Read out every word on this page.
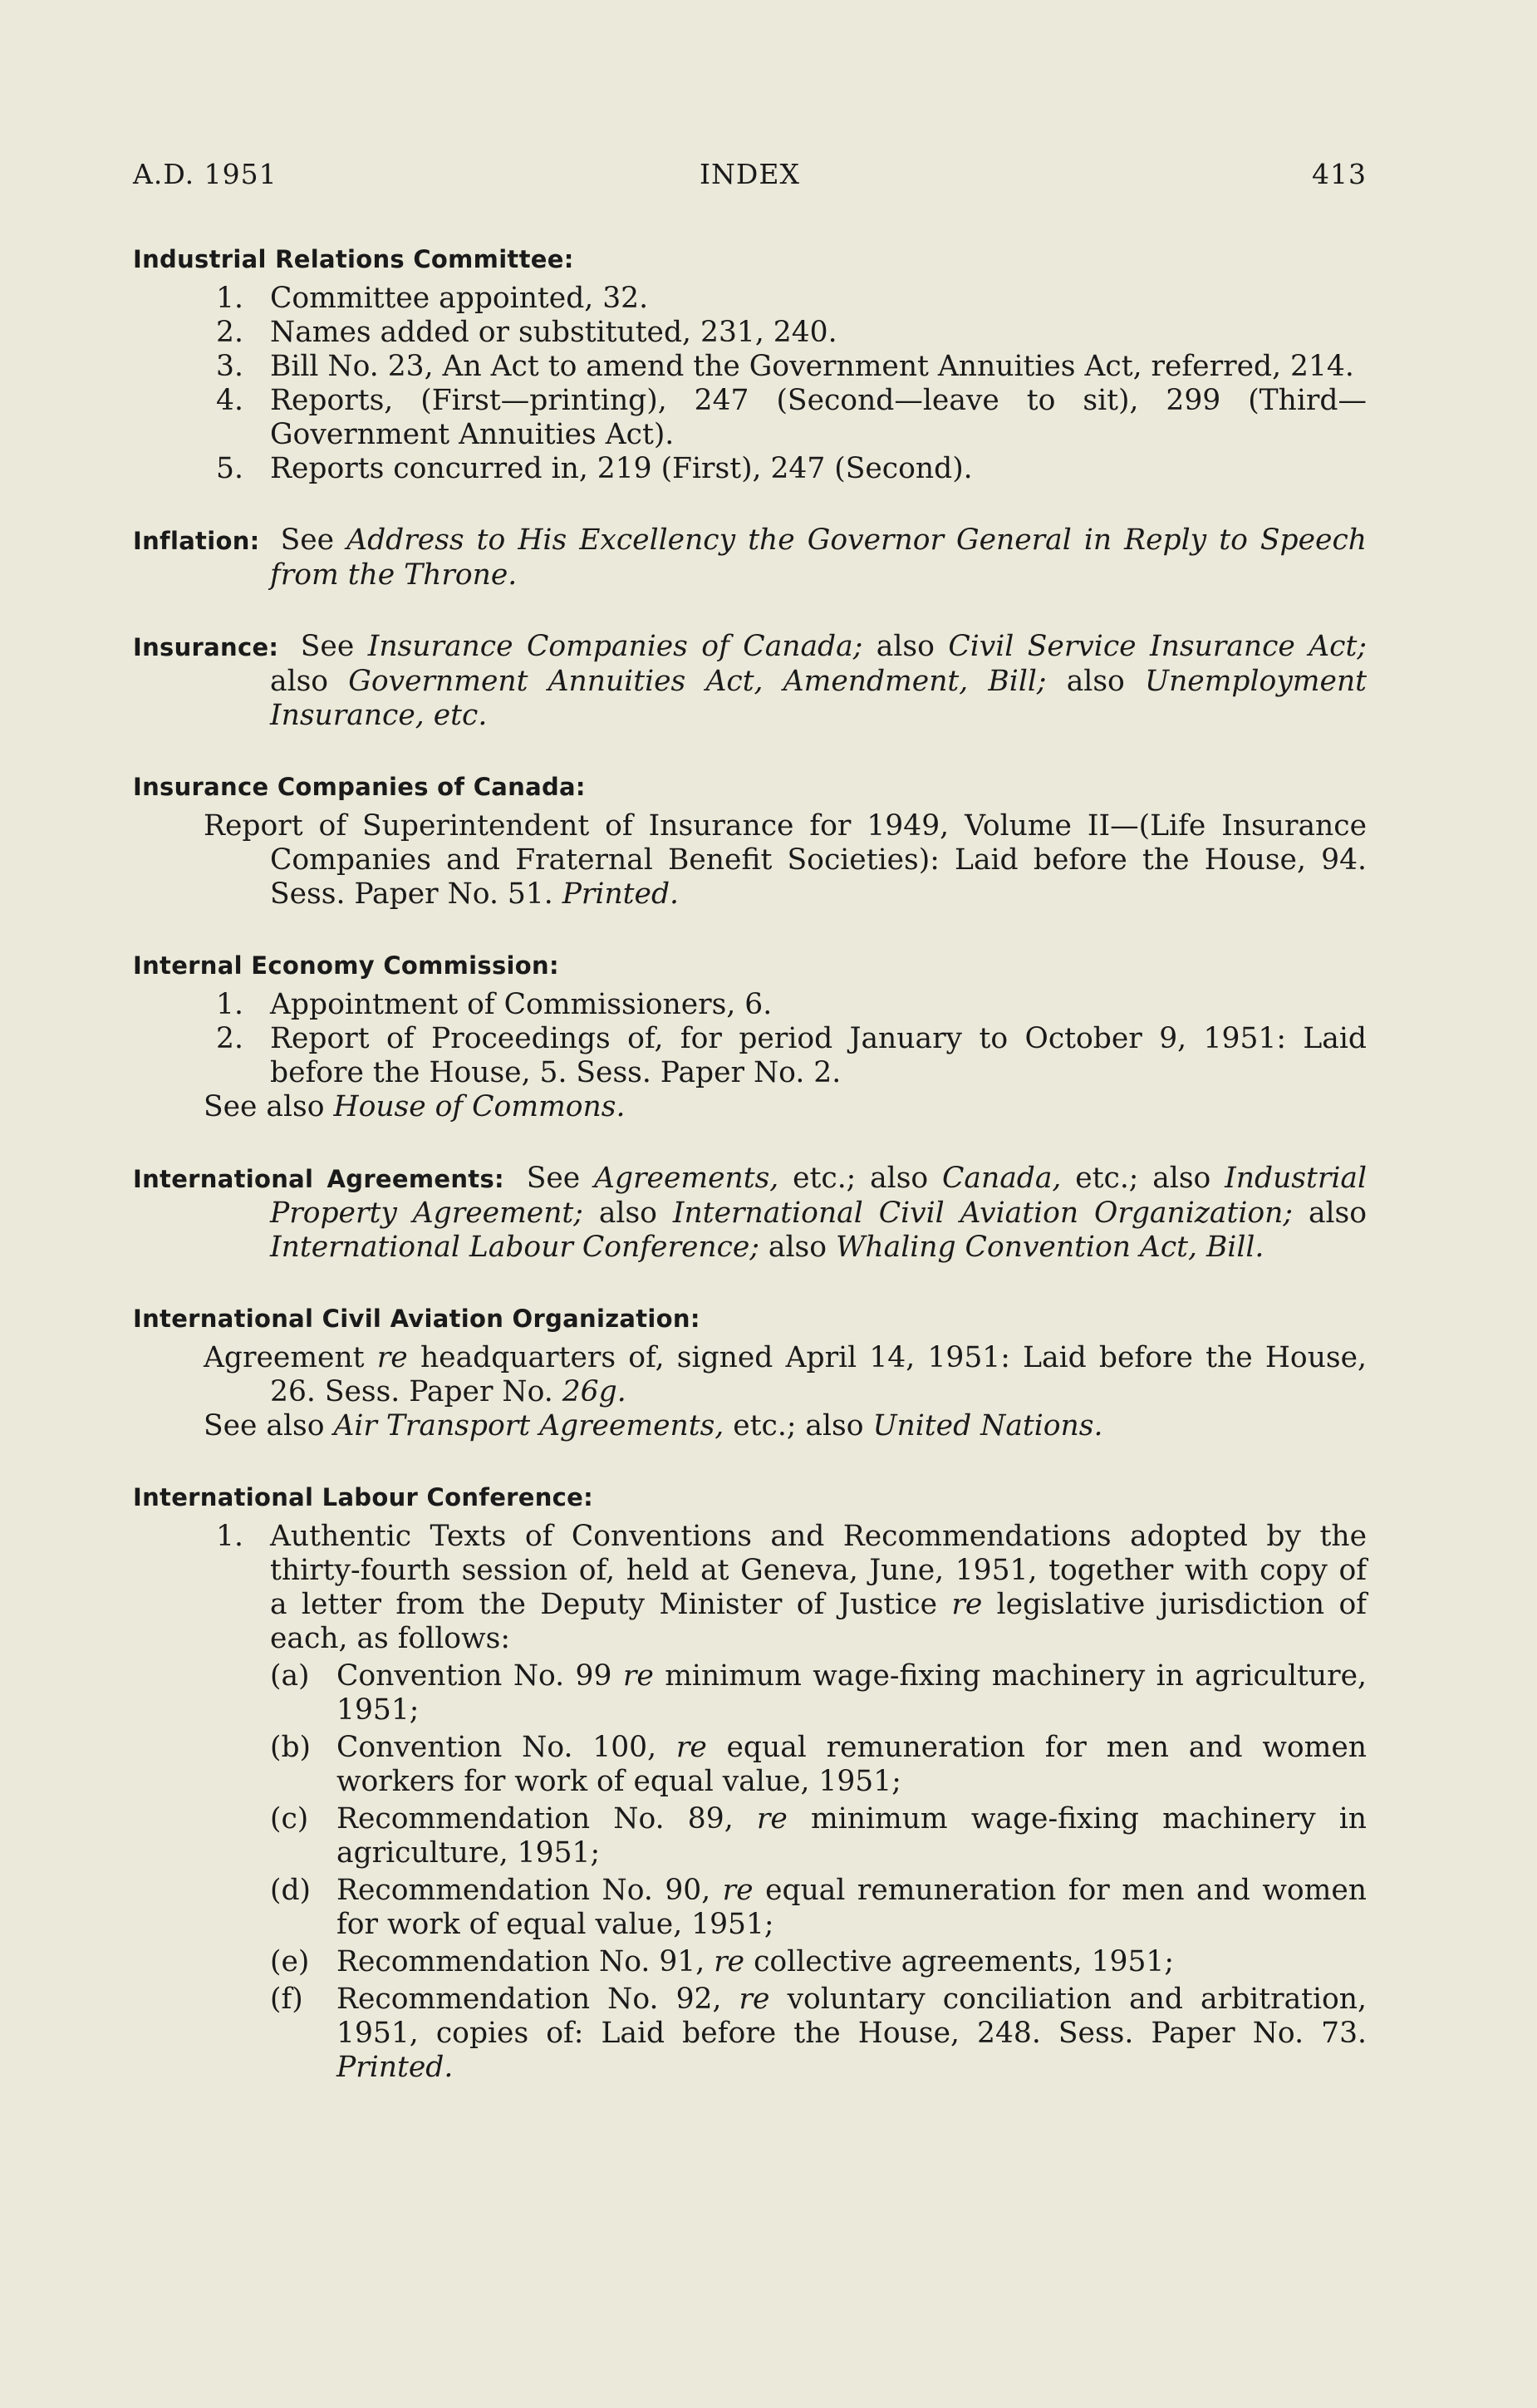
A.D. 1951	INDEX	413
Industrial Relations Committee:
1. Committee appointed, 32.
2. Names added or substituted, 231, 240.
3. Bill No. 23, An Act to amend the Government Annuities Act, referred, 214.
4. Reports, (First—printing), 247 (Second—leave to sit), 299 (Third—Government Annuities Act).
5. Reports concurred in, 219 (First), 247 (Second).
Inflation: See Address to His Excellency the Governor General in Reply to Speech from the Throne.
Insurance: See Insurance Companies of Canada; also Civil Service Insurance Act; also Government Annuities Act, Amendment, Bill; also Unemployment Insurance, etc.
Insurance Companies of Canada:
Report of Superintendent of Insurance for 1949, Volume II—(Life Insurance Companies and Fraternal Benefit Societies): Laid before the House, 94. Sess. Paper No. 51. Printed.
Internal Economy Commission:
1. Appointment of Commissioners, 6.
2. Report of Proceedings of, for period January to October 9, 1951: Laid before the House, 5. Sess. Paper No. 2.
See also House of Commons.
International Agreements: See Agreements, etc.; also Canada, etc.; also Industrial Property Agreement; also International Civil Aviation Organization; also International Labour Conference; also Whaling Convention Act, Bill.
International Civil Aviation Organization:
Agreement re headquarters of, signed April 14, 1951: Laid before the House, 26. Sess. Paper No. 26g.
See also Air Transport Agreements, etc.; also United Nations.
International Labour Conference:
1. Authentic Texts of Conventions and Recommendations adopted by the thirty-fourth session of, held at Geneva, June, 1951, together with copy of a letter from the Deputy Minister of Justice re legislative jurisdiction of each, as follows:
(a) Convention No. 99 re minimum wage-fixing machinery in agriculture, 1951;
(b) Convention No. 100, re equal remuneration for men and women workers for work of equal value, 1951;
(c) Recommendation No. 89, re minimum wage-fixing machinery in agriculture, 1951;
(d) Recommendation No. 90, re equal remuneration for men and women for work of equal value, 1951;
(e) Recommendation No. 91, re collective agreements, 1951;
(f)	Recommendation No. 92, re voluntary conciliation and arbitration, 1951, copies of: Laid before the House, 248. Sess. Paper No. 73. Printed.
